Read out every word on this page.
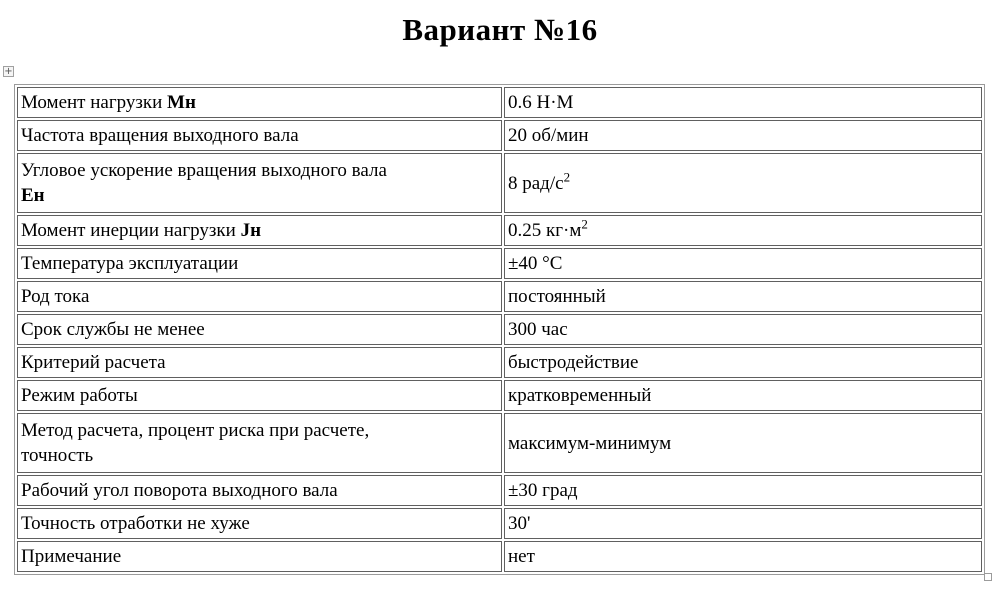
Вариант №16
+
Момент нагрузки Мн	0.6 Н·М
Частота вращения выходного вала	20 об/мин
Угловое ускорение вращения выходного вала
Ен	8 рад/$с^2$
Момент инерции нагрузки Jн	0.25 $кг\cdot м^2$
Температура эксплуатации	±40 °C
Род тока	постоянный
Срок службы не менее	300 час
Критерий расчета	быстродействие
Режим работы	кратковременный
Метод расчета, процент риска при расчете,
точность	максимум-минимум
Рабочий угол поворота выходного вала	±30 град
Точность отработки не хуже	30'
Примечание	нет
